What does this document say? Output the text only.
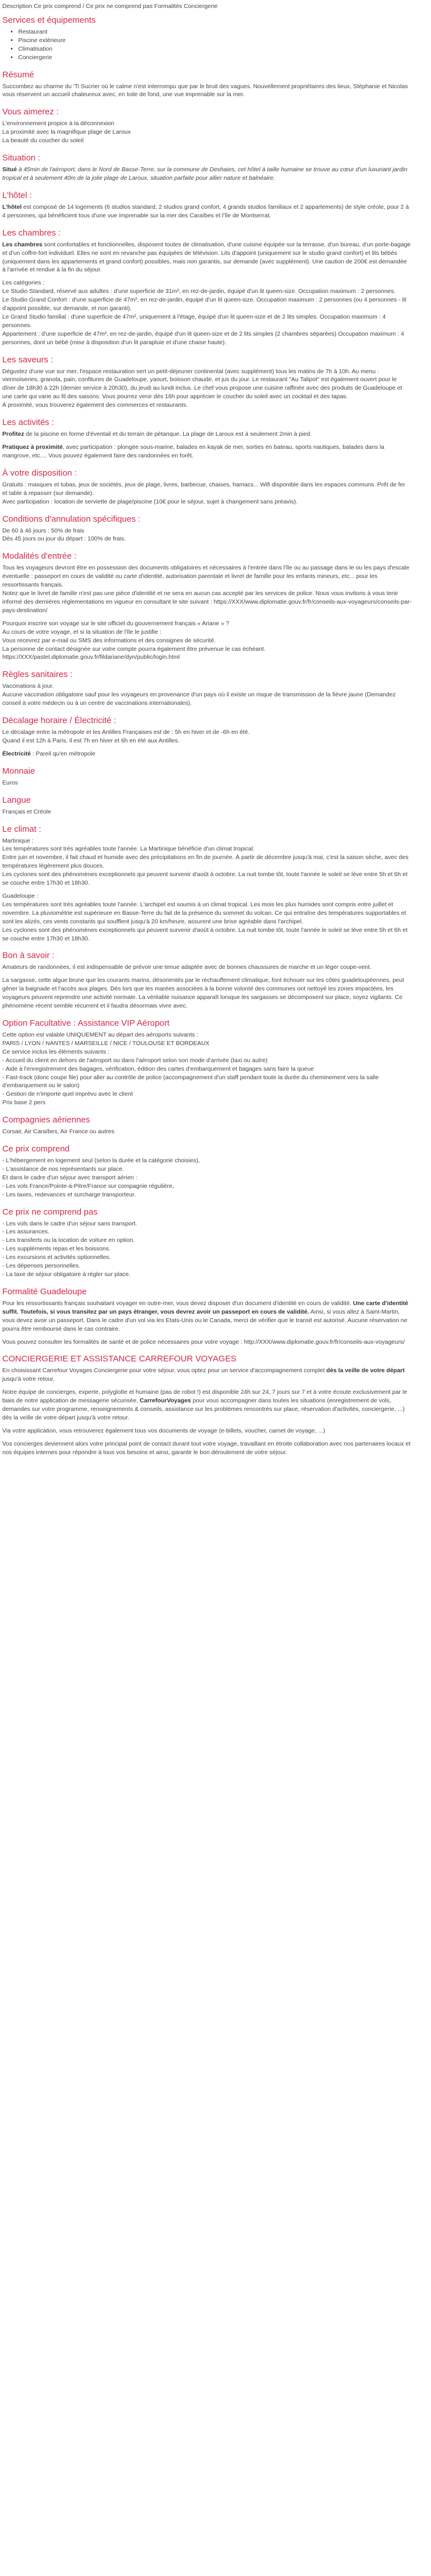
Description Ce prix comprend / Ce prix ne comprend pas Formalités Conciergerie
Services et équipements
• Restaurant
• Piscine extérieure
• Climatisation
• Conciergerie
Résumé

Succombez au charme du 'Ti Sucrier où le calme n'est interrompu que par le bruit des vagues. Nouvellement propriétaires des lieux, Stéphanie et Nicolas vous réservent un accueil chaleureux avec, en toile de fond, une vue imprenable sur la mer.

Vous aimerez :

L'environnement propice à la déconnexion
La proximité avec la magnifique plage de Laroux
La beauté du coucher du soleil

Situation :

Situé à 45min de l'aéroport, dans le Nord de Basse-Terre, sur la commune de Deshaies, cet hôtel à taille humaine se trouve au cœur d'un luxuriant jardin tropical et à seulement 40m de la jolie plage de Laroux, situation parfaite pour allier nature et balnéaire.

L'hôtel :

L'hôtel est composé de 14 logements (6 studios standard, 2 studios grand confort, 4 grands studios familiaux et 2 appartements) de style créole, pour 2 à 4 personnes, qui bénéficient tous d'une vue imprenable sur la mer des Caraïbes et l'île de Montserrat.

Les chambres :

Les chambres sont confortables et fonctionnelles, disposent toutes de climatisation, d'une cuisine équipée sur la terrasse, d'un bureau, d'un porte-bagage et d'un coffre-fort individuel. Elles ne sont en revanche pas équipées de télévision. Lits d'appoint (uniquement sur le studio grand confort) et lits bébés (uniquement dans les appartements et grand confort) possibles, mais non garantis, sur demande (avec supplément). Une caution de 200€ est demandée à l'arrivée et rendue à la fin du séjour.

Les catégories :
Le Studio Standard, réservé aux adultes : d'une superficie de 31m², en rez-de-jardin, équipé d'un lit queen-size. Occupation maximum : 2 personnes.
Le Studio Grand Confort : d'une superficie de 47m², en rez-de-jardin, équipé d'un lit queen-size. Occupation maximum : 2 personnes (ou 4 personnes - lit d'appoint possible, sur demande, et non garanti).
Le Grand Studio familial : d'une superficie de 47m², uniquement à l'étage, équipé d'un lit queen-size et de 2 lits simples. Occupation maximum : 4 personnes.
Appartement : d'une superficie de 47m², en rez-de-jardin, équipé d'un lit queen-size et de 2 lits simples (2 chambres séparées) Occupation maximum : 4 personnes, dont un bébé (mise à disposition d'un lit parapluie et d'une chaise haute).

Les saveurs :

Dégustez d'une vue sur mer, l'espace restauration sert un petit-déjeuner continental (avec supplément) tous les matins de 7h à 10h. Au menu : viennoiseries, granola, pain, confitures de Guadeloupe, yaourt, boisson chaude, et jus du jour. Le restaurant "Au Talipot" est également ouvert pour le dîner de 18h30 à 22h (dernier service à 20h30), du jeudi au lundi inclus. Le chef vous propose une cuisine raffinée avec des produits de Guadeloupe et une carte qui varie au fil des saisons. Vous pourrez venir dès 16h pour apprécier le coucher du soleil avec un cocktail et des tapas.
À proximité, vous trouverez également des commerces et restaurants.

Les activités :

Profitez de la piscine en forme d'éventail et du terrain de pétanque. La plage de Laroux est à seulement 2min à pied.

Pratiquez à proximité, avec participation : plongée sous-marine, balades en kayak de mer, sorties en bateau, sports nautiques, balades dans la mangrove, etc.... Vous pouvez également faire des randonnées en forêt.

À votre disposition :

Gratuits : masques et tubas, jeux de sociétés, jeux de plage, livres, barbecue, chaises, hamacs... Wifi disponible dans les espaces communs. Prêt de fer et table à repasser (sur demande).
Avec participation : location de serviette de plage/piscine (10€ pour le séjour, sujet à changement sans préavis).

Conditions d'annulation spécifiques :

De 60 à 46 jours : 50% de frais
Dès 45 jours ou jour du départ : 100% de frais.

Modalités d'entrée :

Tous les voyageurs devront être en possession des documents obligatoires et nécessaires à l'entrée dans l'île ou au passage dans le ou les pays d'escale éventuelle : passeport en cours de validité ou carte d'identité, autorisation parentale et livret de famille pour les enfants mineurs, etc... pour les ressortissants français.
Notez que le livret de famille n'est pas une pièce d'identité et ne sera en aucun cas accepté par les services de police. Nous vous invitons à vous tenir informé des dernières réglementations en vigueur en consultant le site suivant : https://XXX/www.diplomatie.gouv.fr/fr/conseils-aux-voyageurs/conseils-par-pays-destination/

Pourquoi inscrire son voyage sur le site officiel du gouvernement français « Ariane » ?
Au cours de votre voyage, et si la situation de l'île le justifie :
Vous recevrez par e-mail ou SMS des informations et des consignes de sécurité.
La personne de contact désignée sur votre compte pourra également être prévenue le cas échéant.
https://XXX/pastel.diplomatie.gouv.fr/fildariane/dyn/public/login.html

Règles sanitaires :

Vaccinations à jour.
Aucune vaccination obligatoire sauf pour les voyageurs en provenance d'un pays où il existe un risque de transmission de la fièvre jaune (Demandez conseil à votre médecin ou à un centre de vaccinations internationales).

Décalage horaire / Électricité :

Le décalage entre la métropole et les Antilles Françaises est de : 5h en hiver et de -6h en été.
Quand il est 12h à Paris, il est 7h en hiver et 6h en été aux Antilles.

Électricité : Pareil qu'en métropole

Monnaie

Euros

Langue

Français et Créole

Le climat :

Martinique :
Les températures sont très agréables toute l'année. La Martinique bénéficie d'un climat tropical.
Entre juin et novembre, il fait chaud et humide avec des précipitations en fin de journée. À partir de décembre jusqu'à mai, c'est la saison sèche, avec des températures légèrement plus douces.
Les cyclones sont des phénomènes exceptionnels qui peuvent survenir d'août à octobre. La nuit tombe tôt, toute l'année le soleil se lève entre 5h et 6h et se couche entre 17h30 et 18h30.

Guadeloupe :
Les températures sont très agréables toute l'année. L'archipel est soumis à un climat tropical. Les mois les plus humides sont compris entre juillet et novembre. La pluviométrie est supérieure en Basse-Terre du fait de la présence du sommet du volcan. Ce qui entraîne des températures supportables et sont les alizés, ces vents constants qui soufflent jusqu'à 20 km/heure, assurent une brise agréable dans l'archipel.
Les cyclones sont des phénomènes exceptionnels qui peuvent survenir d'août à octobre. La nuit tombe tôt, toute l'année le soleil se lève entre 5h et 6h et se couche entre 17h30 et 18h30.

Bon à savoir :

Amateurs de randonnées, il est indispensable de prévoir une tenue adaptée avec de bonnes chaussures de marche et un léger coupe-vent.

La sargasse, cette algue brune que les courants marins, désorientés par le réchauffement climatique, font échouer sur les côtes guadeloupéennes, peut gêner la baignade et l'accès aux plages. Dès lors que les marées associées à la bonne volonté des communes ont nettoyé les zones impactées, les voyageurs peuvent reprendre une activité normale. La véritable nuisance apparaît lorsque les sargasses se décomposent sur place, soyez vigilants. Ce phénomène récent semble récurrent et il faudra désormais vivre avec.

Option Facultative : Assistance VIP Aéroport

Cette option est valable UNIQUEMENT au départ des aéroports suivants :
PARIS / LYON / NANTES / MARSEILLE / NICE / TOULOUSE ET BORDEAUX
Ce service inclus les éléments suivants :
- Accueil du client en dehors de l'aéroport ou dans l'aéroport selon son mode d'arrivée (taxi ou autre)
- Aide à l'enregistrement des bagages, vérification, édition des cartes d'embarquement et bagages sans faire la queue
- Fast-track (donc coupe file) pour aller au contrôle de police (accompagnement d'un staff pendant toute la durée du cheminement vers la salle d'embarquement ou le salon)
- Gestion de n'importe quel imprévu avec le client
Prix base 2 pers

Compagnies aériennes

Corsair, Air Caraïbes, Air France ou autres

Ce prix comprend

- L'hébergement en logement seul (selon la durée et la catégorie choisies),
- L'assistance de nos représentants sur place.
Et dans le cadre d'un séjour avec transport aérien :
- Les vols France/Pointe-à-Pitre/France sur compagnie régulière,
- Les taxes, redevances et surcharge transporteur.

Ce prix ne comprend pas

- Les vols dans le cadre d'un séjour sans transport.
- Les assurances.
- Les transferts ou la location de voiture en option.
- Les suppléments repas et les boissons.
- Les excursions et activités optionnelles.
- Les dépenses personnelles.
- La taxe de séjour obligatoire à régler sur place.

Formalité Guadeloupe

Pour les ressortissants français souhaitant voyager en outre-mer, vous devez disposer d'un document d'identité en cours de validité. Une carte d'identité suffit. Toutefois, si vous transitez par un pays étranger, vous devrez avoir un passeport en cours de validité. Ainsi, si vous allez à Saint-Martin, vous devez avoir un passeport. Dans le cadre d'un vol via les Etats-Unis ou le Canada, merci de vérifier que le transit est autorisé. Aucune réservation ne pourra être remboursé dans le cas contraire.

Vous pouvez consulter les formalités de santé et de police nécessaires pour votre voyage : http://XXX/www.diplomatie.gouv.fr/fr/conseils-aux-voyageurs/

CONCIERGERIE ET ASSISTANCE CARREFOUR VOYAGES

En choisissant Carrefour Voyages Conciergerie pour votre séjour, vous optez pour un service d'accompagnement complet dès la veille de votre départ jusqu'à votre retour.

Notre équipe de concierges, experte, polyglotte et humaine (pas de robot !) est disponible 24h sur 24, 7 jours sur 7 et à votre écoute exclusivement par le biais de notre application de messagerie sécurisée, CarrefourVoyages pour vous accompagner dans toutes les situations (enregistrement de vols, demandes sur votre programme, renseignements & conseils, assistance sur les problèmes rencontrés sur place, réservation d'activités, conciergerie, ...) dès la veille de votre départ jusqu'à votre retour.

Via votre application, vous retrouverez également tous vos documents de voyage (e-billets, voucher, carnet de voyage, ...)

Vos concierges deviennent alors votre principal point de contact durant tout votre voyage, travaillant en étroite collaboration avec nos partenaires locaux et nos équipes internes pour répondre à tous vos besoins et ainsi, garantir le bon déroulement de votre séjour.
